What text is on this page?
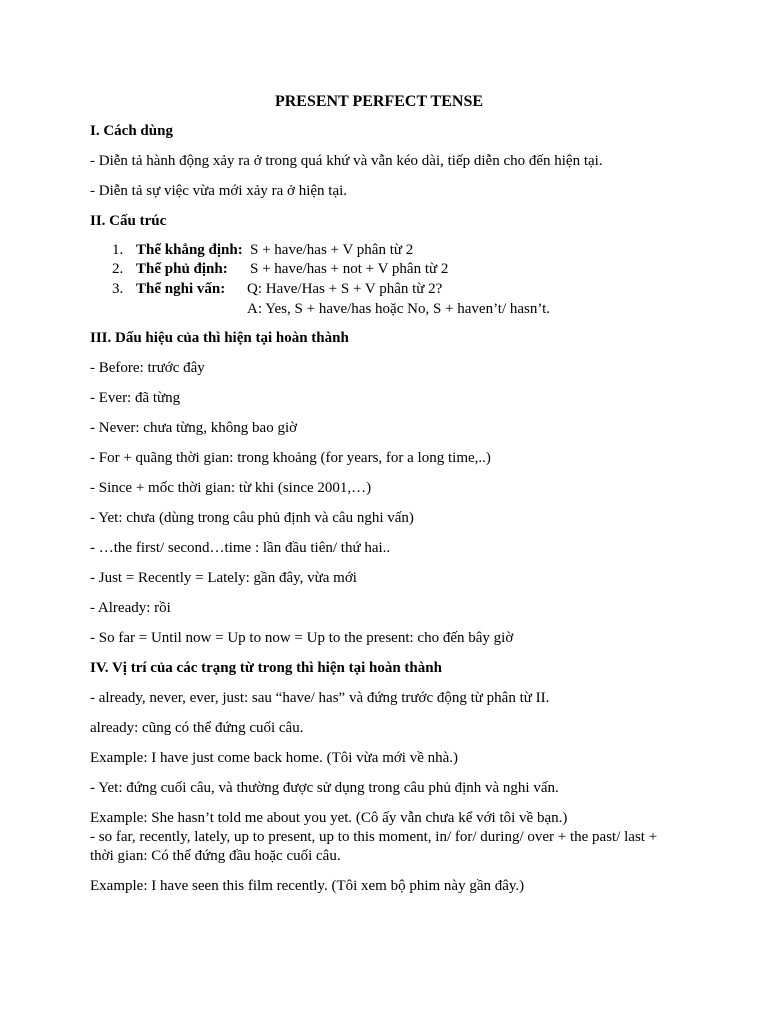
PRESENT PERFECT TENSE

I. Cách dùng

- Diễn tả hành động xảy ra ở trong quá khứ và vẫn kéo dài, tiếp diễn cho đến hiện tại.

- Diễn tả sự việc vừa mới xảy ra ở hiện tại.

II. Cấu trúc

1. Thể khẳng định: S + have/has + V phân từ 2
2. Thể phủ định: S + have/has + not + V phân từ 2
3. Thể nghi vấn: Q: Have/Has + S + V phân từ 2?
A: Yes, S + have/has hoặc No, S + haven’t/ hasn’t.

III. Dấu hiệu của thì hiện tại hoàn thành

- Before: trước đây

- Ever: đã từng

- Never: chưa từng, không bao giờ

- For + quãng thời gian: trong khoảng (for years, for a long time,..)

- Since + mốc thời gian: từ khi (since 2001,…)

- Yet: chưa (dùng trong câu phủ định và câu nghi vấn)

- …the first/ second…time : lần đầu tiên/ thứ hai..

- Just = Recently = Lately: gần đây, vừa mới

- Already: rồi

- So far = Until now = Up to now = Up to the present: cho đến bây giờ

IV. Vị trí của các trạng từ trong thì hiện tại hoàn thành

- already, never, ever, just: sau “have/ has” và đứng trước động từ phân từ II.

already: cũng có thể đứng cuối câu.

Example: I have just come back home. (Tôi vừa mới về nhà.)

- Yet: đứng cuối câu, và thường được sử dụng trong câu phủ định và nghi vấn.

Example: She hasn’t told me about you yet. (Cô ấy vẫn chưa kể với tôi về bạn.)

- so far, recently, lately, up to present, up to this moment, in/ for/ during/ over + the past/ last +

thời gian: Có thể đứng đầu hoặc cuối câu.

Example: I have seen this film recently. (Tôi xem bộ phim này gần đây.)
